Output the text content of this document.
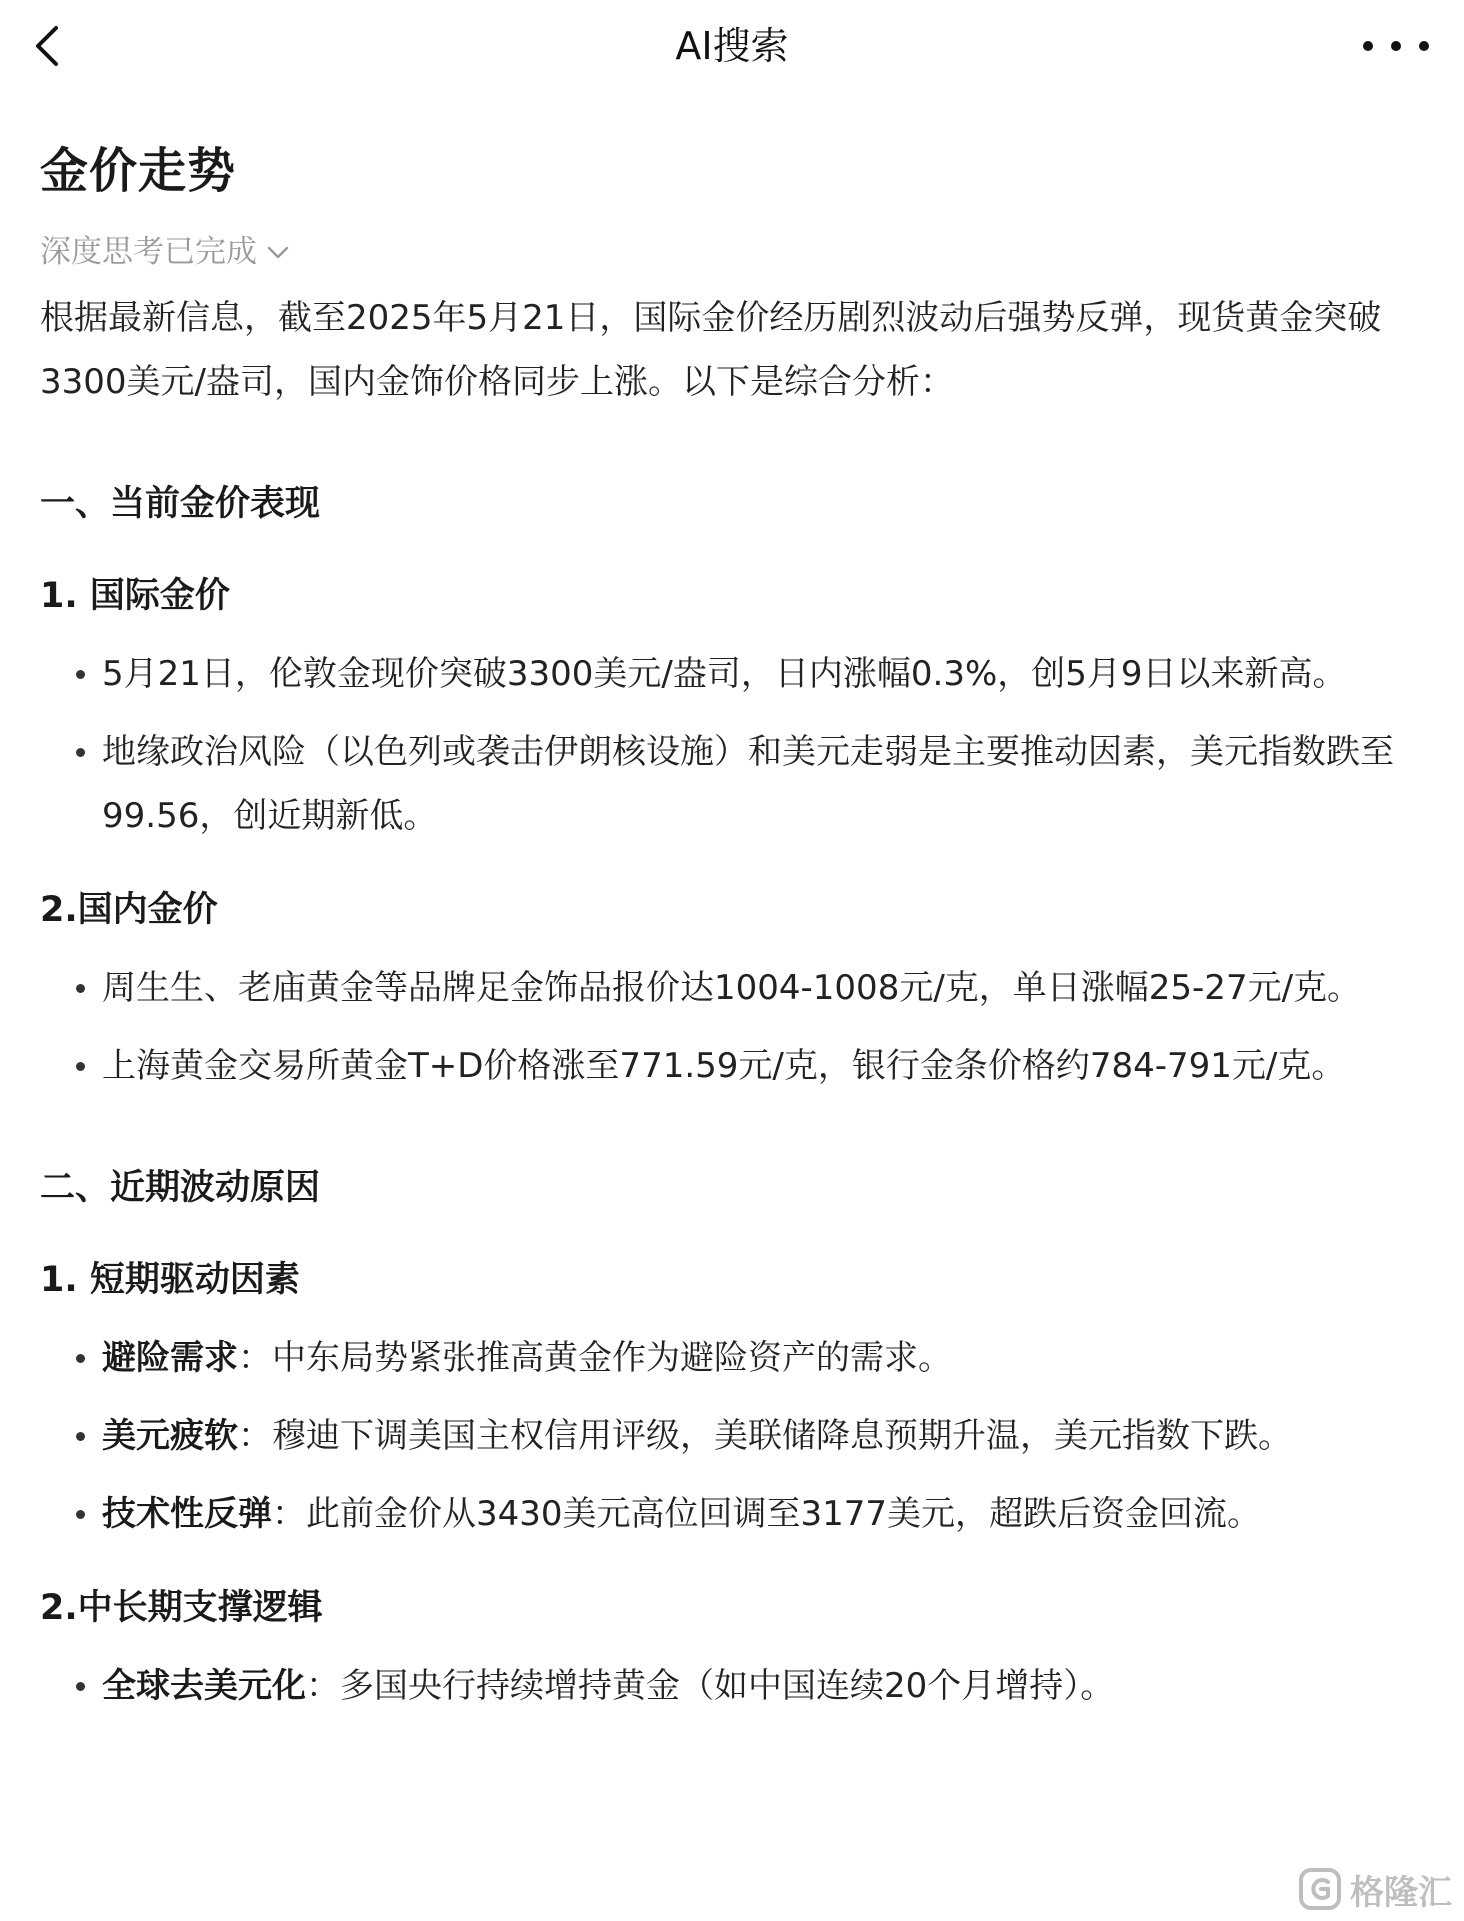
AI搜索
金价走势
深度思考已完成
根据最新信息，截至2025年5月21日，国际金价经历剧烈波动后强势反弹，现货黄金突破3300美元/盎司，国内金饰价格同步上涨。以下是综合分析：
一、当前金价表现
1. 国际金价
5月21日，伦敦金现价突破3300美元/盎司，日内涨幅0.3%，创5月9日以来新高。
地缘政治风险（以色列或袭击伊朗核设施）和美元走弱是主要推动因素，美元指数跌至99.56，创近期新低。
2.国内金价
周生生、老庙黄金等品牌足金饰品报价达1004-1008元/克，单日涨幅25-27元/克。
上海黄金交易所黄金T+D价格涨至771.59元/克，银行金条价格约784-791元/克。
二、近期波动原因
1. 短期驱动因素
避险需求：中东局势紧张推高黄金作为避险资产的需求。
美元疲软：穆迪下调美国主权信用评级，美联储降息预期升温，美元指数下跌。
技术性反弹：此前金价从3430美元高位回调至3177美元，超跌后资金回流。
2.中长期支撑逻辑
全球去美元化：多国央行持续增持黄金（如中国连续20个月增持）。
格隆汇
